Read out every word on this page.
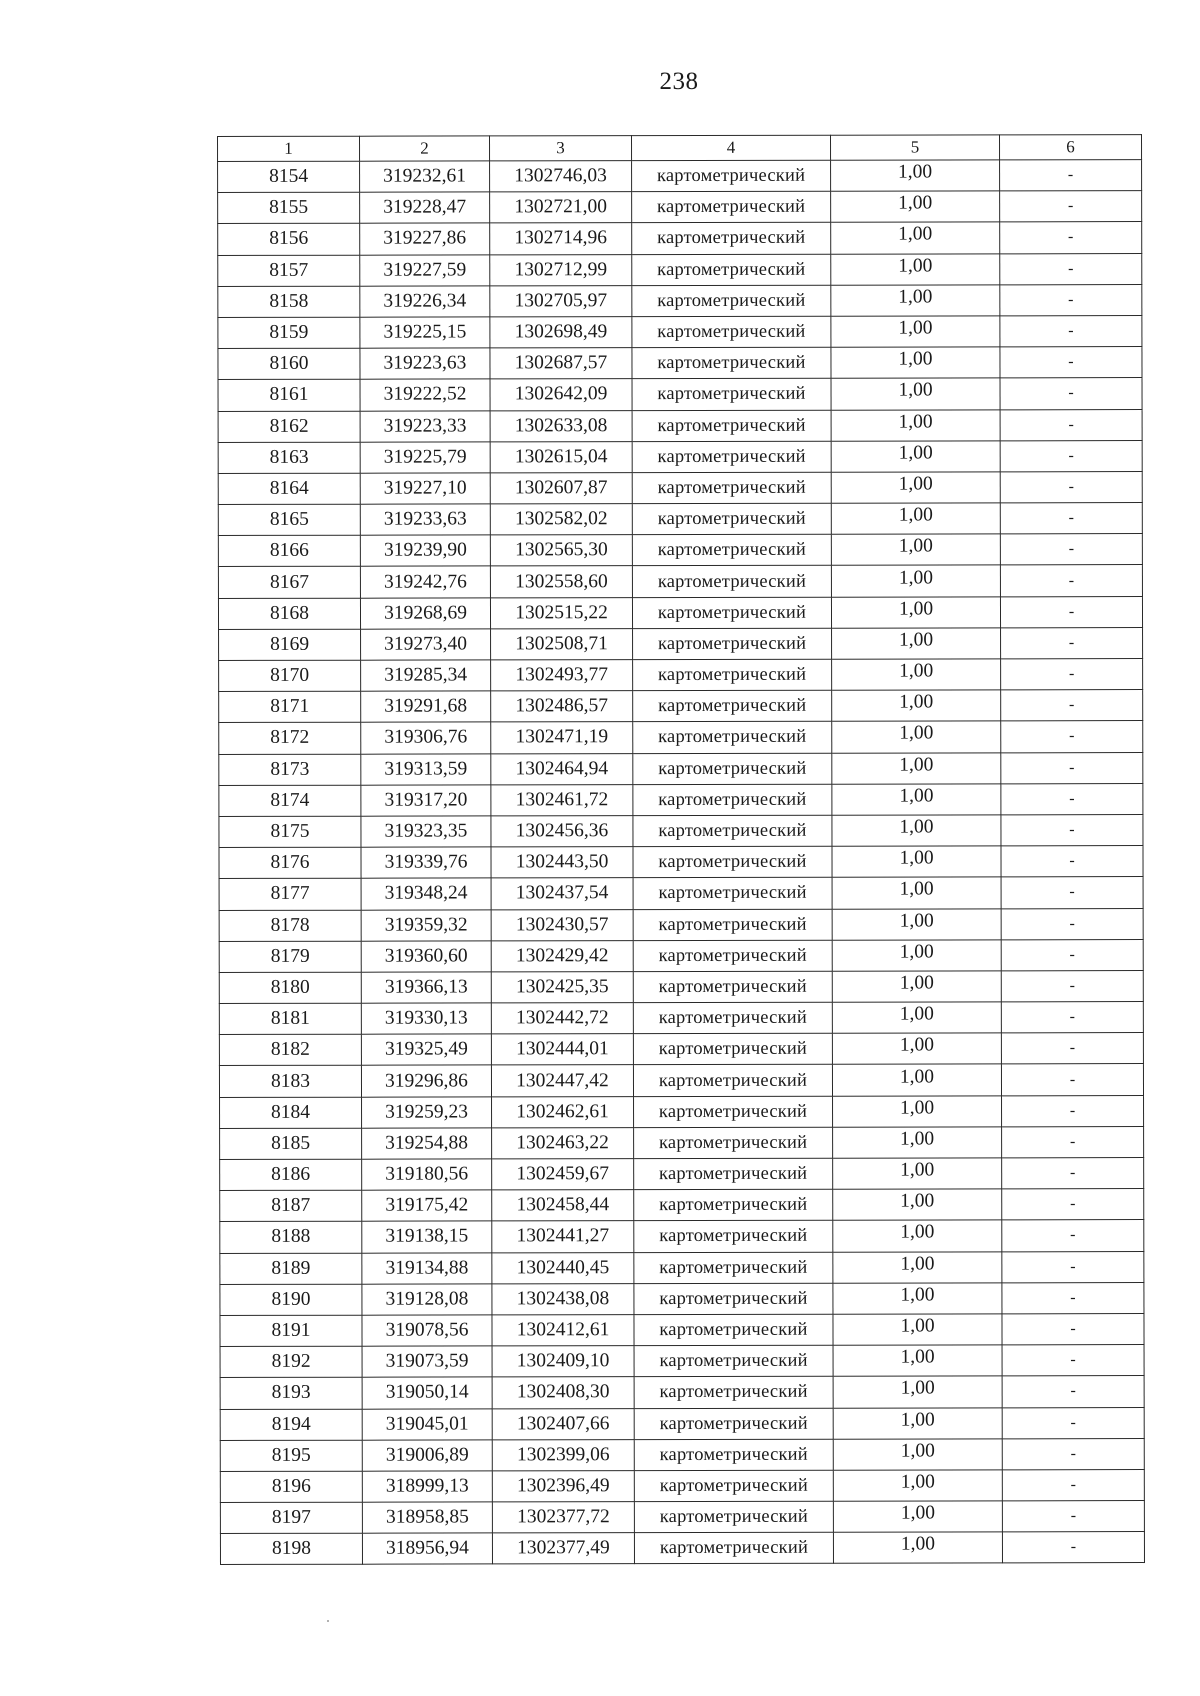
238
1	2	3	4	5	6
8154	319232,61	1302746,03	картометрический	1,00	-
8155	319228,47	1302721,00	картометрический	1,00	-
8156	319227,86	1302714,96	картометрический	1,00	-
8157	319227,59	1302712,99	картометрический	1,00	-
8158	319226,34	1302705,97	картометрический	1,00	-
8159	319225,15	1302698,49	картометрический	1,00	-
8160	319223,63	1302687,57	картометрический	1,00	-
8161	319222,52	1302642,09	картометрический	1,00	-
8162	319223,33	1302633,08	картометрический	1,00	-
8163	319225,79	1302615,04	картометрический	1,00	-
8164	319227,10	1302607,87	картометрический	1,00	-
8165	319233,63	1302582,02	картометрический	1,00	-
8166	319239,90	1302565,30	картометрический	1,00	-
8167	319242,76	1302558,60	картометрический	1,00	-
8168	319268,69	1302515,22	картометрический	1,00	-
8169	319273,40	1302508,71	картометрический	1,00	-
8170	319285,34	1302493,77	картометрический	1,00	-
8171	319291,68	1302486,57	картометрический	1,00	-
8172	319306,76	1302471,19	картометрический	1,00	-
8173	319313,59	1302464,94	картометрический	1,00	-
8174	319317,20	1302461,72	картометрический	1,00	-
8175	319323,35	1302456,36	картометрический	1,00	-
8176	319339,76	1302443,50	картометрический	1,00	-
8177	319348,24	1302437,54	картометрический	1,00	-
8178	319359,32	1302430,57	картометрический	1,00	-
8179	319360,60	1302429,42	картометрический	1,00	-
8180	319366,13	1302425,35	картометрический	1,00	-
8181	319330,13	1302442,72	картометрический	1,00	-
8182	319325,49	1302444,01	картометрический	1,00	-
8183	319296,86	1302447,42	картометрический	1,00	-
8184	319259,23	1302462,61	картометрический	1,00	-
8185	319254,88	1302463,22	картометрический	1,00	-
8186	319180,56	1302459,67	картометрический	1,00	-
8187	319175,42	1302458,44	картометрический	1,00	-
8188	319138,15	1302441,27	картометрический	1,00	-
8189	319134,88	1302440,45	картометрический	1,00	-
8190	319128,08	1302438,08	картометрический	1,00	-
8191	319078,56	1302412,61	картометрический	1,00	-
8192	319073,59	1302409,10	картометрический	1,00	-
8193	319050,14	1302408,30	картометрический	1,00	-
8194	319045,01	1302407,66	картометрический	1,00	-
8195	319006,89	1302399,06	картометрический	1,00	-
8196	318999,13	1302396,49	картометрический	1,00	-
8197	318958,85	1302377,72	картометрический	1,00	-
8198	318956,94	1302377,49	картометрический	1,00	-
